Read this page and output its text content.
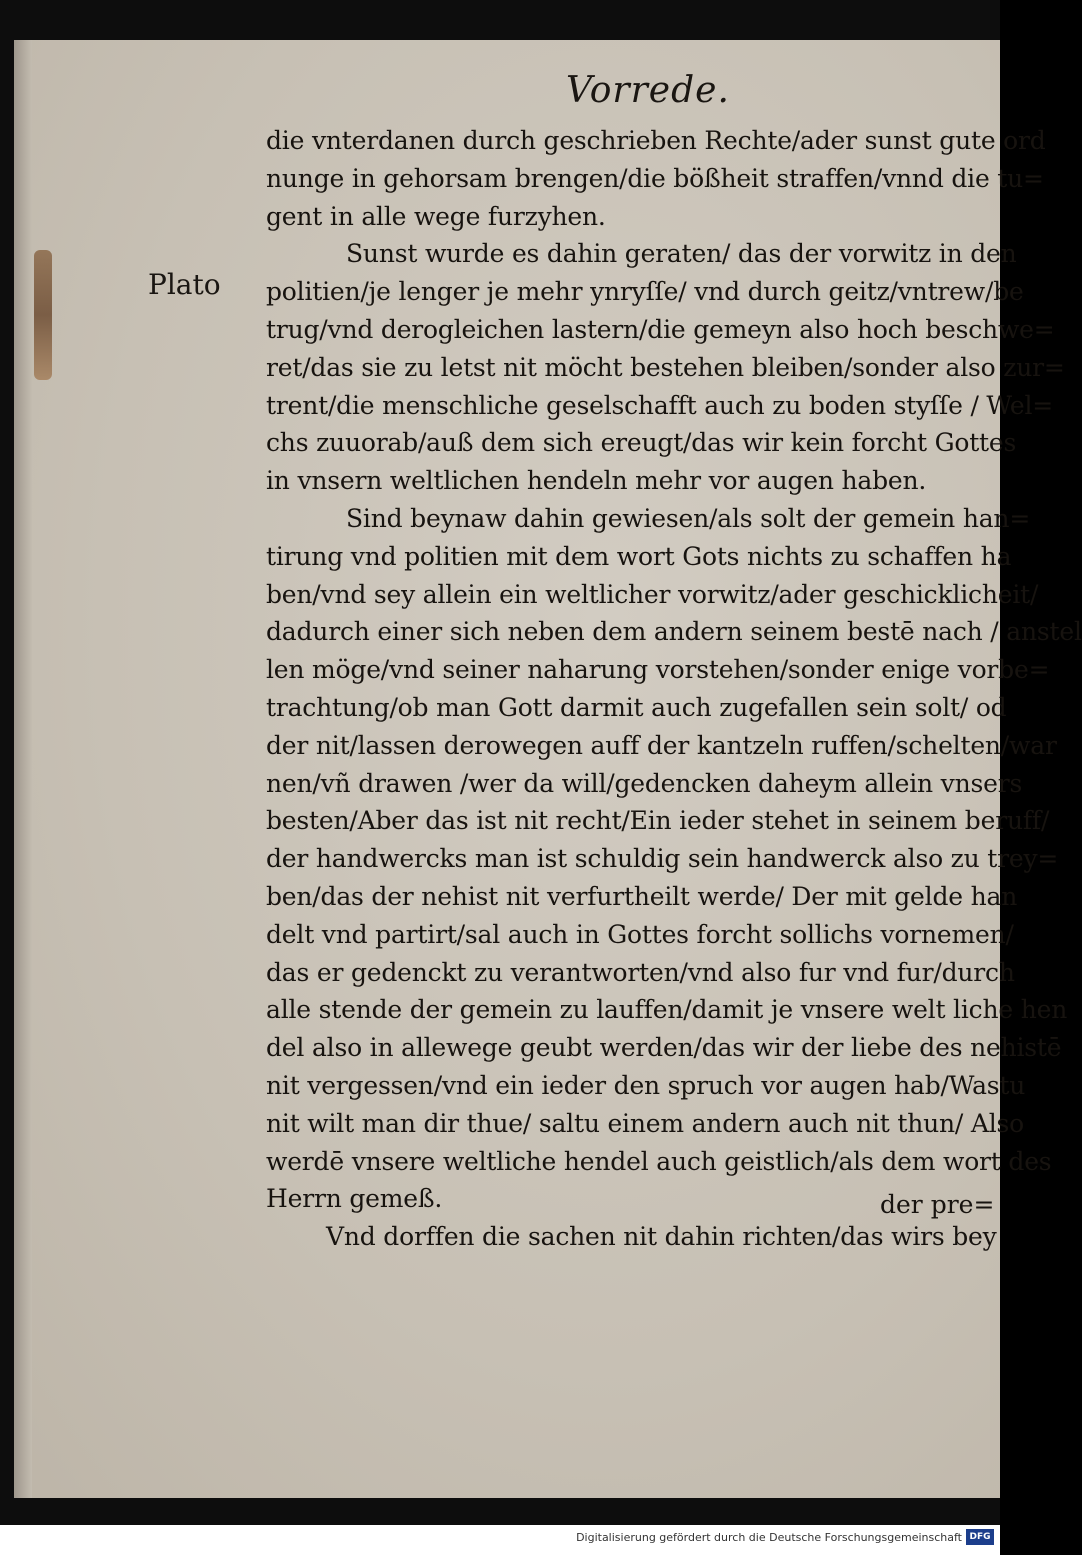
Vorrede.
Plato
die vnterdanen durch geschrieben Rechte/ader sunst gute ord
nunge in gehorsam brengen/die bößheit straffen/vnnd die tu=
gent in alle wege furzyhen.
Sunst wurde es dahin geraten/ das der vorwitz in den
politien/je lenger je mehr ynryſſe/ vnd durch geitz/vntrew/be
trug/vnd derogleichen lastern/die gemeyn also hoch beschwe=
ret/das sie zu letst nit möcht bestehen bleiben/sonder also zur=
trent/die menschliche geselschafft auch zu boden styſſe / Wel=
chs zuuorab/auß dem sich ereugt/das wir kein forcht Gottes
in vnsern weltlichen hendeln mehr vor augen haben.
Sind beynaw dahin gewiesen/als solt der gemein han=
tirung vnd politien mit dem wort Gots nichts zu schaffen ha
ben/vnd sey allein ein weltlicher vorwitz/ader geschicklicheit/
dadurch einer sich neben dem andern seinem bestē nach / anstel
len möge/vnd seiner naharung vorstehen/sonder enige vorbe=
trachtung/ob man Gott darmit auch zugefallen sein solt/ od
der nit/lassen derowegen auff der kantzeln ruffen/schelten/war
nen/vñ drawen /wer da will/gedencken daheym allein vnsers
besten/Aber das ist nit recht/Ein ieder stehet in seinem beruff/
der handwercks man ist schuldig sein handwerck also zu trey=
ben/das der nehist nit verfurtheilt werde/ Der mit gelde han
delt vnd partirt/sal auch in Gottes forcht sollichs vornemen/
das er gedenckt zu verantworten/vnd also fur vnd fur/durch
alle stende der gemein zu lauffen/damit je vnsere welt liche hen
del also in allewege geubt werden/das wir der liebe des nehistē
nit vergessen/vnd ein ieder den spruch vor augen hab/Wastu
nit wilt man dir thue/ saltu einem andern auch nit thun/ Also
werdē vnsere weltliche hendel auch geistlich/als dem wort des
Herrn gemeß.
Vnd dorffen die sachen nit dahin richten/das wirs bey
der pre=
Digitalisierung gefördert durch die Deutsche Forschungsgemeinschaft DFG
